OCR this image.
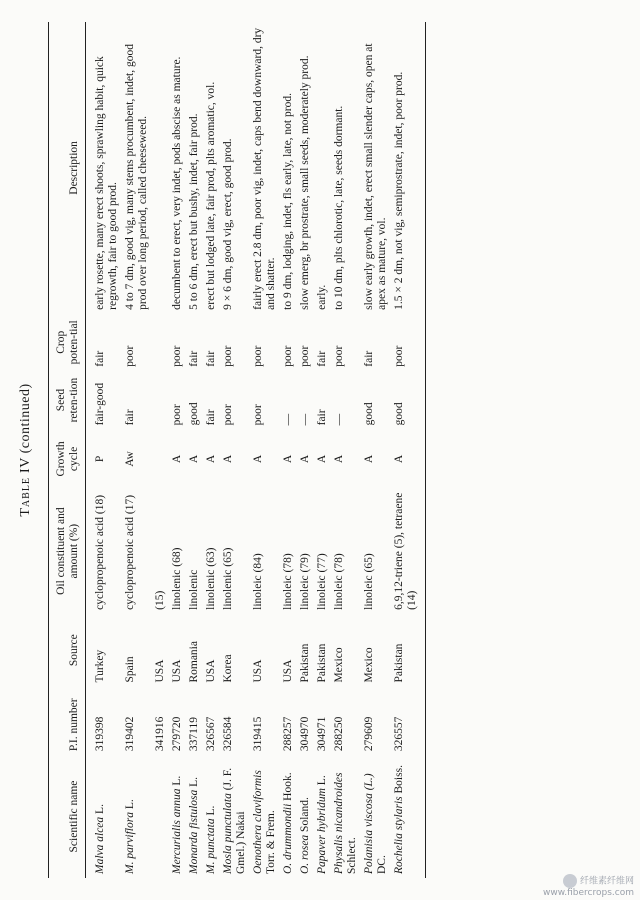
Table IV (continued)
Scientific name	P.I. number	Source	Oil constituent and amount (%)	Growth cycle	Seed reten-tion	Crop poten-tial	Description
Malva alcea L.	319398	Turkey	cyclopropenoic acid (18)	P	fair-good	fair	early rosette, many erect shoots, sprawling habit, quick regrowth, fair to good prod.
M. parviflora L.	319402	Spain	cyclopropenoic acid (17)	Aw	fair	poor	4 to 7 dm, good vig, many stems procumbent, indet, good prod over long period, called cheeseweed.
	341916	USA	(15)				
Mercurialis annua L.	279720	USA	linolenic (68)	A	poor	poor	decumbent to erect, very indet, pods abscise as mature.
Monarda fistulosa L.	337119	Romania	linolenic	A	good	fair	5 to 6 dm, erect but bushy, indet, fair prod.
M. punctata L.	326567	USA	linolenic (63)	A	fair	fair	erect but lodged late, fair prod, plts aromatic, vol.
Mosla punctulata (J. F. Gmel.) Nakai	326584	Korea	linolenic (65)	A	poor	poor	9 × 6 dm, good vig, erect, good prod.
Oenothera claviformis Torr. & Frem.	319415	USA	linoleic (84)	A	poor	poor	fairly erect 2.8 dm, poor vig, indet, caps bend downward, dry and shatter.
O. drummondii Hook.	288257	USA	linoleic (78)	A	—	poor	to 9 dm, lodging, indet, fls early, late, not prod.
O. rosea Soland.	304970	Pakistan	linoleic (79)	A	—	poor	slow emerg, br prostrate, small seeds, moderately prod.
Papaver hybridum L.	304971	Pakistan	linoleic (77)	A	fair	fair	early.
Physalis nicandroides Schlect.	288250	Mexico	linoleic (78)	A	—	poor	to 10 dm, plts chlorotic, late, seeds dormant.
Polanisia viscosa (L.) DC.	279609	Mexico	linoleic (65)	A	good	fair	slow early growth, indet, erect small slender caps, open at apex as mature, vol.
Rochelia stylaris Boiss.	326557	Pakistan	6,9,12-triene (5), tetraene (14)	A	good	poor	1.5 × 2 dm, not vig, semiprostrate, indet, poor prod.
纤维素纤维网
www.fibercrops.com
